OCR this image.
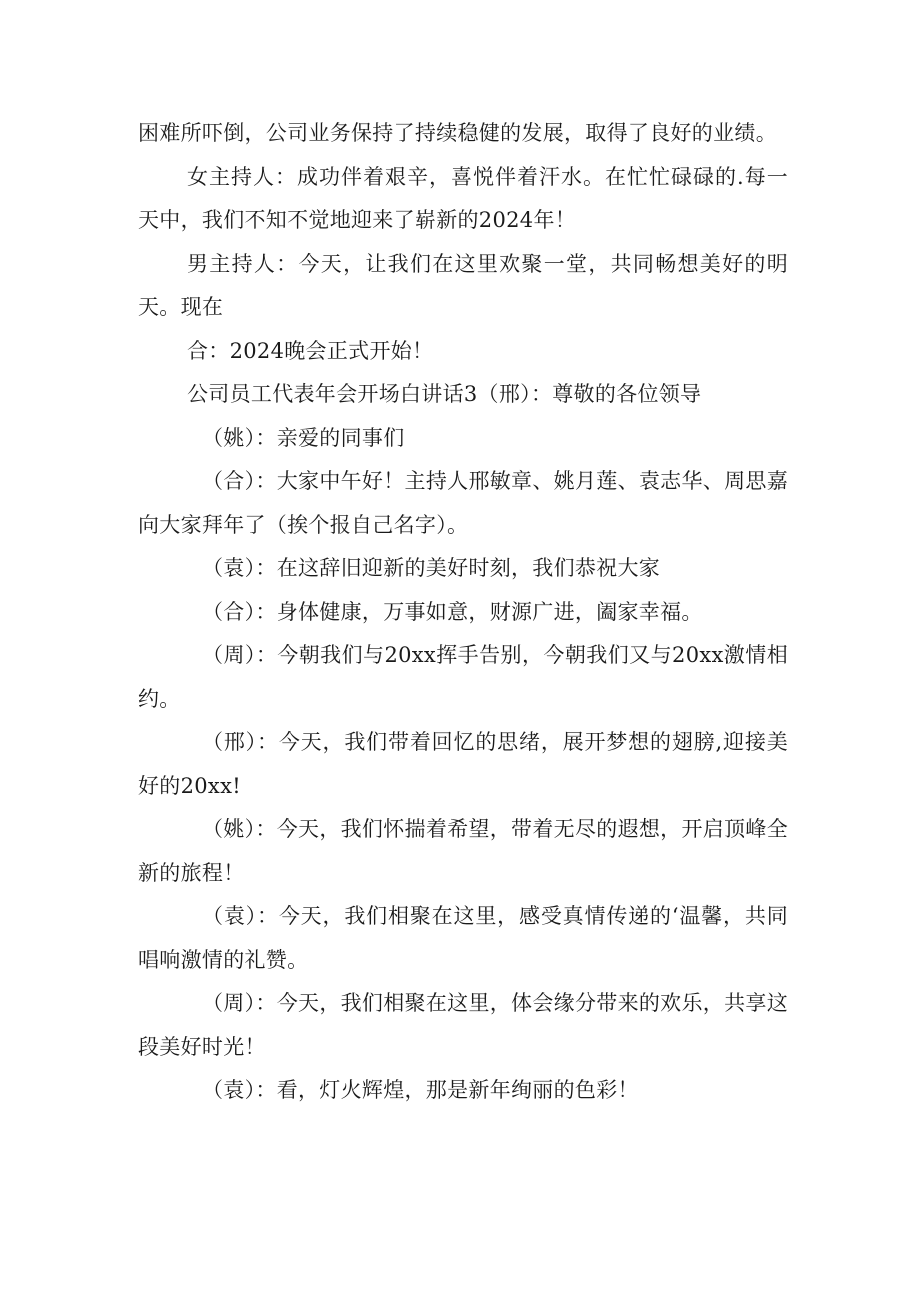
困难所吓倒，公司业务保持了持续稳健的发展，取得了良好的业绩。

女主持人：成功伴着艰辛，喜悦伴着汗水。在忙忙碌碌的.每一天中，我们不知不觉地迎来了崭新的2024年！

男主持人：今天，让我们在这里欢聚一堂，共同畅想美好的明天。现在

合：2024晚会正式开始！

公司员工代表年会开场白讲话3（邢）：尊敬的各位领导

（姚）：亲爱的同事们

（合）：大家中午好！主持人邢敏章、姚月莲、袁志华、周思嘉向大家拜年了（挨个报自己名字）。

（袁）：在这辞旧迎新的美好时刻，我们恭祝大家

（合）：身体健康，万事如意，财源广进，阖家幸福。

（周）：今朝我们与20xx挥手告别，今朝我们又与20xx激情相约。

（邢）：今天，我们带着回忆的思绪，展开梦想的翅膀,迎接美好的20xx!

（姚）：今天，我们怀揣着希望，带着无尽的遐想，开启顶峰全新的旅程！

（袁）：今天，我们相聚在这里，感受真情传递的‘温馨，共同唱响激情的礼赞。

（周）：今天，我们相聚在这里，体会缘分带来的欢乐，共享这段美好时光！

（袁）：看，灯火辉煌，那是新年绚丽的色彩！
